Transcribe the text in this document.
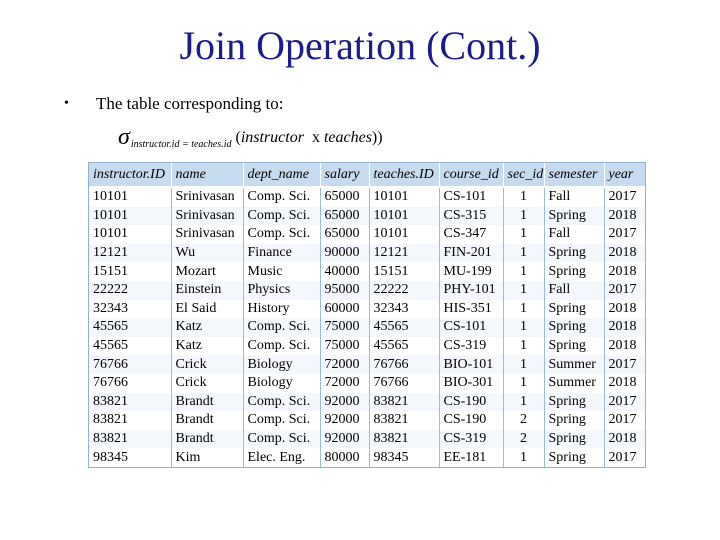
Join Operation (Cont.)
• The table corresponding to:
$\sigma_{instructor.id = teaches.id}$ (instructor x teaches))
instructor.ID	name	dept_name	salary	teaches.ID	course_id	sec_id	semester	year
10101	Srinivasan	Comp. Sci.	65000	10101	CS-101	1	Fall	2017
10101	Srinivasan	Comp. Sci.	65000	10101	CS-315	1	Spring	2018
10101	Srinivasan	Comp. Sci.	65000	10101	CS-347	1	Fall	2017
12121	Wu	Finance	90000	12121	FIN-201	1	Spring	2018
15151	Mozart	Music	40000	15151	MU-199	1	Spring	2018
22222	Einstein	Physics	95000	22222	PHY-101	1	Fall	2017
32343	El Said	History	60000	32343	HIS-351	1	Spring	2018
45565	Katz	Comp. Sci.	75000	45565	CS-101	1	Spring	2018
45565	Katz	Comp. Sci.	75000	45565	CS-319	1	Spring	2018
76766	Crick	Biology	72000	76766	BIO-101	1	Summer	2017
76766	Crick	Biology	72000	76766	BIO-301	1	Summer	2018
83821	Brandt	Comp. Sci.	92000	83821	CS-190	1	Spring	2017
83821	Brandt	Comp. Sci.	92000	83821	CS-190	2	Spring	2017
83821	Brandt	Comp. Sci.	92000	83821	CS-319	2	Spring	2018
98345	Kim	Elec. Eng.	80000	98345	EE-181	1	Spring	2017
